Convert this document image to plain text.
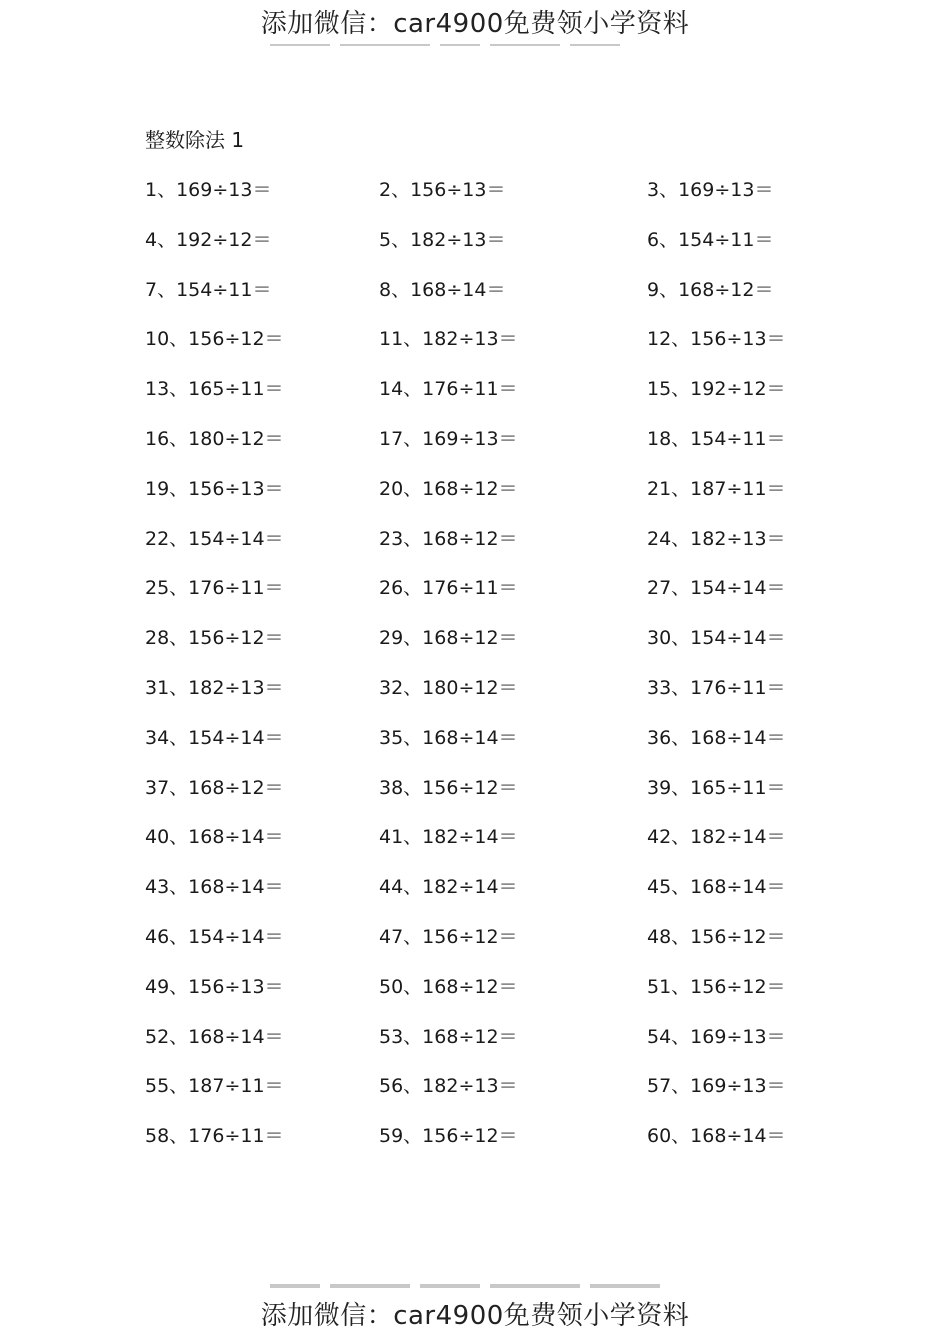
添加微信：car4900免费领小学资料
整数除法 1
1、169÷13＝	2、156÷13＝	3、169÷13＝
4、192÷12＝	5、182÷13＝	6、154÷11＝
7、154÷11＝	8、168÷14＝	9、168÷12＝
10、156÷12＝	11、182÷13＝	12、156÷13＝
13、165÷11＝	14、176÷11＝	15、192÷12＝
16、180÷12＝	17、169÷13＝	18、154÷11＝
19、156÷13＝	20、168÷12＝	21、187÷11＝
22、154÷14＝	23、168÷12＝	24、182÷13＝
25、176÷11＝	26、176÷11＝	27、154÷14＝
28、156÷12＝	29、168÷12＝	30、154÷14＝
31、182÷13＝	32、180÷12＝	33、176÷11＝
34、154÷14＝	35、168÷14＝	36、168÷14＝
37、168÷12＝	38、156÷12＝	39、165÷11＝
40、168÷14＝	41、182÷14＝	42、182÷14＝
43、168÷14＝	44、182÷14＝	45、168÷14＝
46、154÷14＝	47、156÷12＝	48、156÷12＝
49、156÷13＝	50、168÷12＝	51、156÷12＝
52、168÷14＝	53、168÷12＝	54、169÷13＝
55、187÷11＝	56、182÷13＝	57、169÷13＝
58、176÷11＝	59、156÷12＝	60、168÷14＝
添加微信：car4900免费领小学资料
